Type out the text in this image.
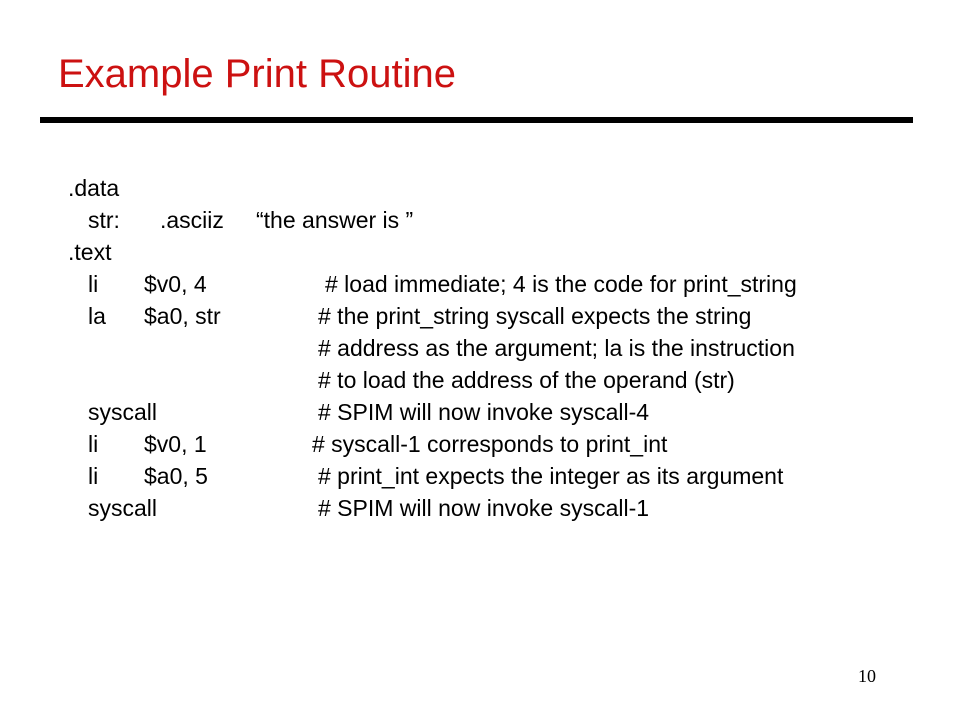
Example Print Routine
.data
str: .asciiz “the answer is ”
.text
li $v0, 4	# load immediate; 4 is the code for print_string
la $a0, str	# the print_string syscall expects the string
# address as the argument; la is the instruction
# to load the address of the operand (str)
syscall	# SPIM will now invoke syscall-4
li $v0, 1	# syscall-1 corresponds to print_int
li $a0, 5	# print_int expects the integer as its argument
syscall	# SPIM will now invoke syscall-1
10
